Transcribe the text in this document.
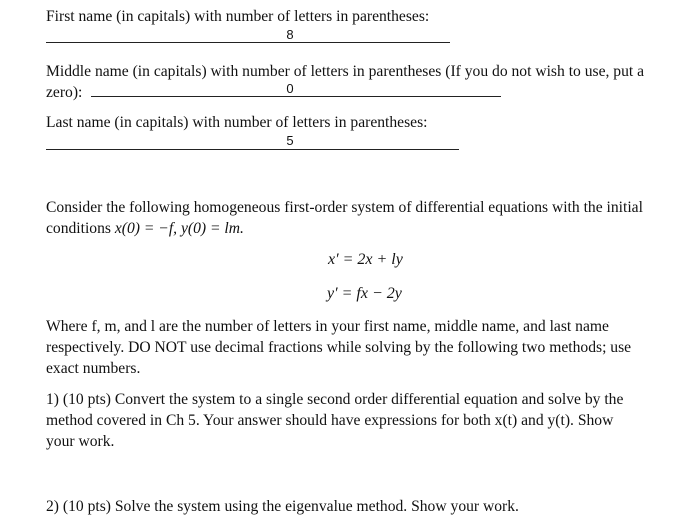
First name (in capitals) with number of letters in parentheses:
8
Middle name (in capitals) with number of letters in parentheses (If you do not wish to use, put a
zero):	0
Last name (in capitals) with number of letters in parentheses:
5
Consider the following homogeneous first-order system of differential equations with the initial
conditions x(0) = −f, y(0) = lm.
x′ = 2x + ly
y′ = fx − 2y
Where f, m, and l are the number of letters in your first name, middle name, and last name
respectively. DO NOT use decimal fractions while solving by the following two methods; use
exact numbers.
1) (10 pts) Convert the system to a single second order differential equation and solve by the
method covered in Ch 5. Your answer should have expressions for both x(t) and y(t). Show
your work.
2) (10 pts) Solve the system using the eigenvalue method. Show your work.
